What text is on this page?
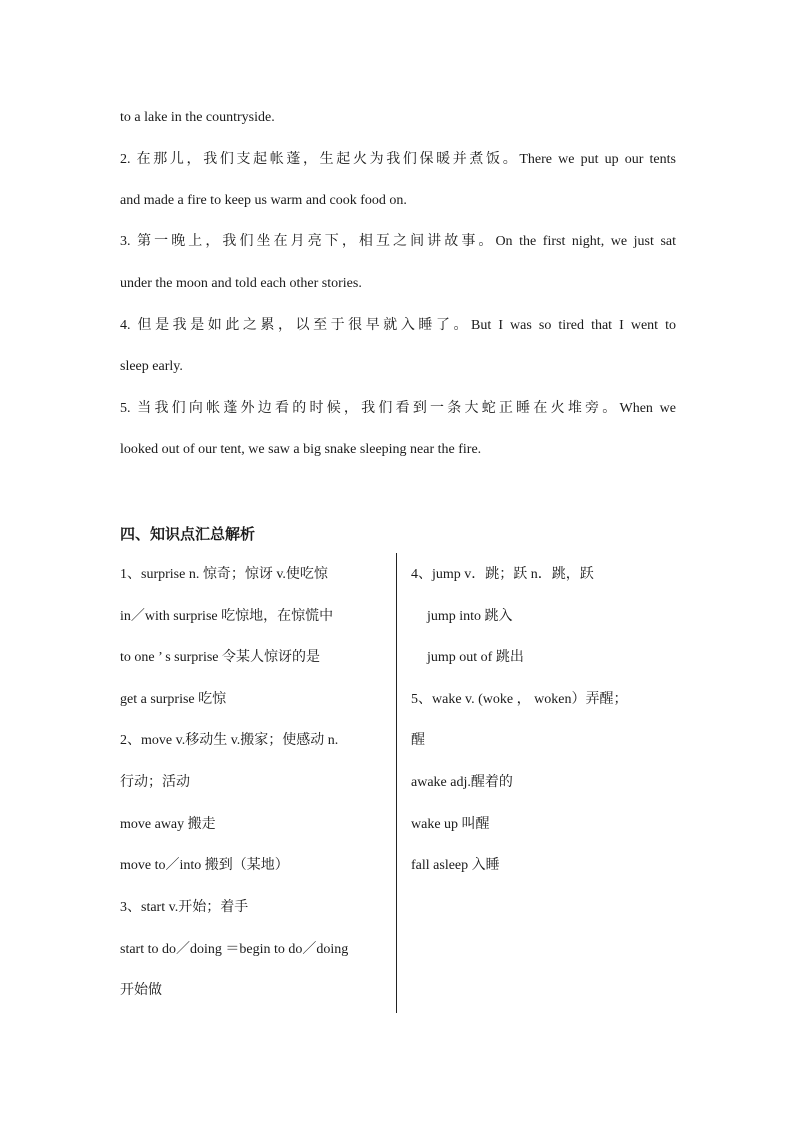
to a lake in the countryside.
2. 在那儿，我们支起帐蓬，生起火为我们保暖并煮饭。There we put up our tents
and made a fire to keep us warm and cook food on.
3. 第一晚上，我们坐在月亮下，相互之间讲故事。On the first night, we just sat
under the moon and told each other stories.
4. 但是我是如此之累，以至于很早就入睡了。But I was so tired that I went to
sleep early.
5. 当我们向帐蓬外边看的时候，我们看到一条大蛇正睡在火堆旁。When we
looked out of our tent, we saw a big snake sleeping near the fire.
四、知识点汇总解析
1、surprise n. 惊奇；惊讶 v.使吃惊
in／with surprise 吃惊地，在惊慌中
to one ’ s surprise 令某人惊讶的是
get a surprise 吃惊
2、move v.移动生 v.搬家；使感动 n.
行动；活动
move away 搬走
move to／into 搬到（某地）
3、start v.开始；着手
start to do／doing ＝begin to do／doing
开始做
4、jump v．跳；跃 n．跳，跃
jump into 跳入
jump out of 跳出
5、wake v. (woke ， woken）弄醒；
醒
awake adj.醒着的
wake up 叫醒
fall asleep 入睡
